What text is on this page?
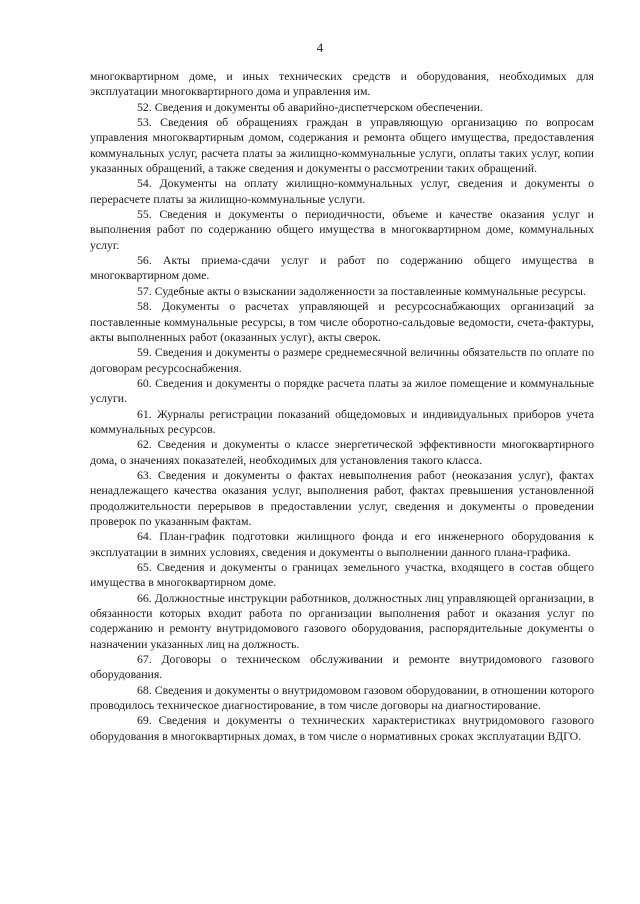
4

многоквартирном доме, и иных технических средств и оборудования, необходимых для эксплуатации многоквартирного дома и управления им.

52. Сведения и документы об аварийно-диспетчерском обеспечении.

53. Сведения об обращениях граждан в управляющую организацию по вопросам управления многоквартирным домом, содержания и ремонта общего имущества, предоставления коммунальных услуг, расчета платы за жилищно-коммунальные услуги, оплаты таких услуг, копии указанных обращений, а также сведения и документы о рассмотрении таких обращений.

54. Документы на оплату жилищно-коммунальных услуг, сведения и документы о перерасчете платы за жилищно-коммунальные услуги.

55. Сведения и документы о периодичности, объеме и качестве оказания услуг и выполнения работ по содержанию общего имущества в многоквартирном доме, коммунальных услуг.

56. Акты приема-сдачи услуг и работ по содержанию общего имущества в многоквартирном доме.

57. Судебные акты о взыскании задолженности за поставленные коммунальные ресурсы.

58. Документы о расчетах управляющей и ресурсоснабжающих организаций за поставленные коммунальные ресурсы, в том числе оборотно-сальдовые ведомости, счета-фактуры, акты выполненных работ (оказанных услуг), акты сверок.

59. Сведения и документы о размере среднемесячной величины обязательств по оплате по договорам ресурсоснабжения.

60. Сведения и документы о порядке расчета платы за жилое помещение и коммунальные услуги.

61. Журналы регистрации показаний общедомовых и индивидуальных приборов учета коммунальных ресурсов.

62. Сведения и документы о классе энергетической эффективности многоквартирного дома, о значениях показателей, необходимых для установления такого класса.

63. Сведения и документы о фактах невыполнения работ (неоказания услуг), фактах ненадлежащего качества оказания услуг, выполнения работ, фактах превышения установленной продолжительности перерывов в предоставлении услуг, сведения и документы о проведении проверок по указанным фактам.

64. План-график подготовки жилищного фонда и его инженерного оборудования к эксплуатации в зимних условиях, сведения и документы о выполнении данного плана-графика.

65. Сведения и документы о границах земельного участка, входящего в состав общего имущества в многоквартирном доме.

66. Должностные инструкции работников, должностных лиц управляющей организации, в обязанности которых входит работа по организации выполнения работ и оказания услуг по содержанию и ремонту внутридомового газового оборудования, распорядительные документы о назначении указанных лиц на должность.

67. Договоры о техническом обслуживании и ремонте внутридомового газового оборудования.

68. Сведения и документы о внутридомовом газовом оборудовании, в отношении которого проводилось техническое диагностирование, в том числе договоры на диагностирование.

69. Сведения и документы о технических характеристиках внутридомового газового оборудования в многоквартирных домах, в том числе о нормативных сроках эксплуатации ВДГО.
